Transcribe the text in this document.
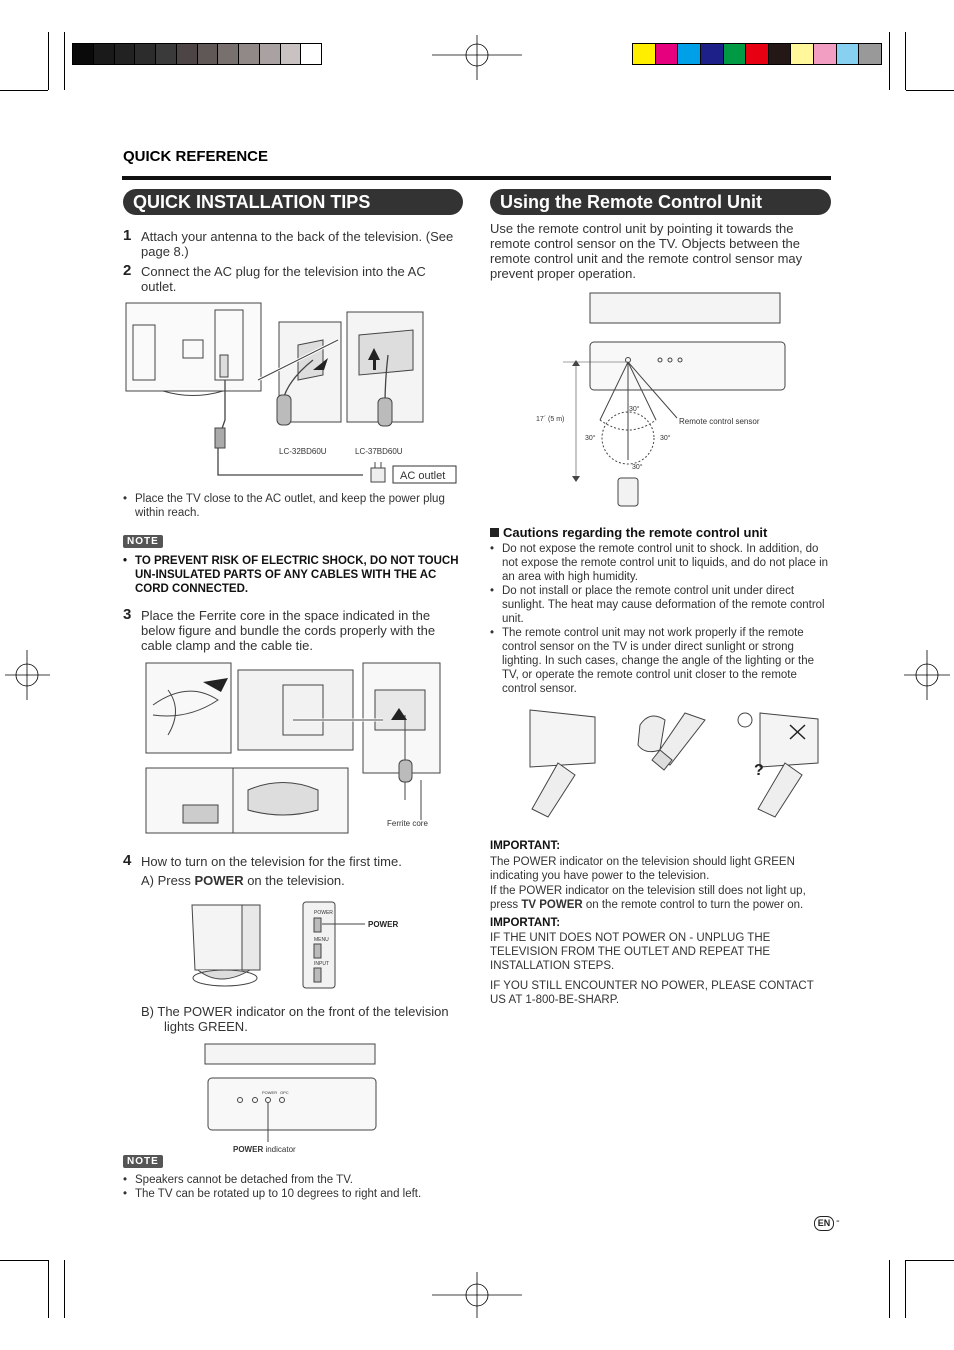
QUICK REFERENCE
QUICK INSTALLATION TIPS	Using the Remote Control Unit
1 Attach your antenna to the back of the television. (See page 8.)
2 Connect the AC plug for the television into the AC outlet.
LC-32BD60U	LC-37BD60U
AC outlet
• Place the TV close to the AC outlet, and keep the power plug within reach.
NOTE
• TO PREVENT RISK OF ELECTRIC SHOCK, DO NOT TOUCH UN-INSULATED PARTS OF ANY CABLES WITH THE AC CORD CONNECTED.
3 Place the Ferrite core in the space indicated in the below figure and bundle the cords properly with the cable clamp and the cable tie.
Ferrite core
4 How to turn on the television for the first time.
A) Press POWER on the television.
POWER
MENU
INPUT
POWER
B) The POWER indicator on the front of the television lights GREEN.
POWER OPC
POWER indicator
NOTE
• Speakers cannot be detached from the TV.
• The TV can be rotated up to 10 degrees to right and left.
Use the remote control unit by pointing it towards the remote control sensor on the TV. Objects between the remote control unit and the remote control sensor may prevent proper operation.
17´ (5 m)
30°
30°	30°
30°
Remote control sensor
Cautions regarding the remote control unit
• Do not expose the remote control unit to shock. In addition, do not expose the remote control unit to liquids, and do not place in an area with high humidity.
• Do not install or place the remote control unit under direct sunlight. The heat may cause deformation of the remote control unit.
• The remote control unit may not work properly if the remote control sensor on the TV is under direct sunlight or strong lighting. In such cases, change the angle of the lighting or the TV, or operate the remote control unit closer to the remote control sensor.
?
IMPORTANT:
The POWER indicator on the television should light GREEN indicating you have power to the television.
If the POWER indicator on the television still does not light up, press TV POWER on the remote control to turn the power on.
IMPORTANT:
IF THE UNIT DOES NOT POWER ON - UNPLUG THE TELEVISION FROM THE OUTLET AND REPEAT THE INSTALLATION STEPS.
IF YOU STILL ENCOUNTER NO POWER, PLEASE CONTACT US AT 1-800-BE-SHARP.
EN -
